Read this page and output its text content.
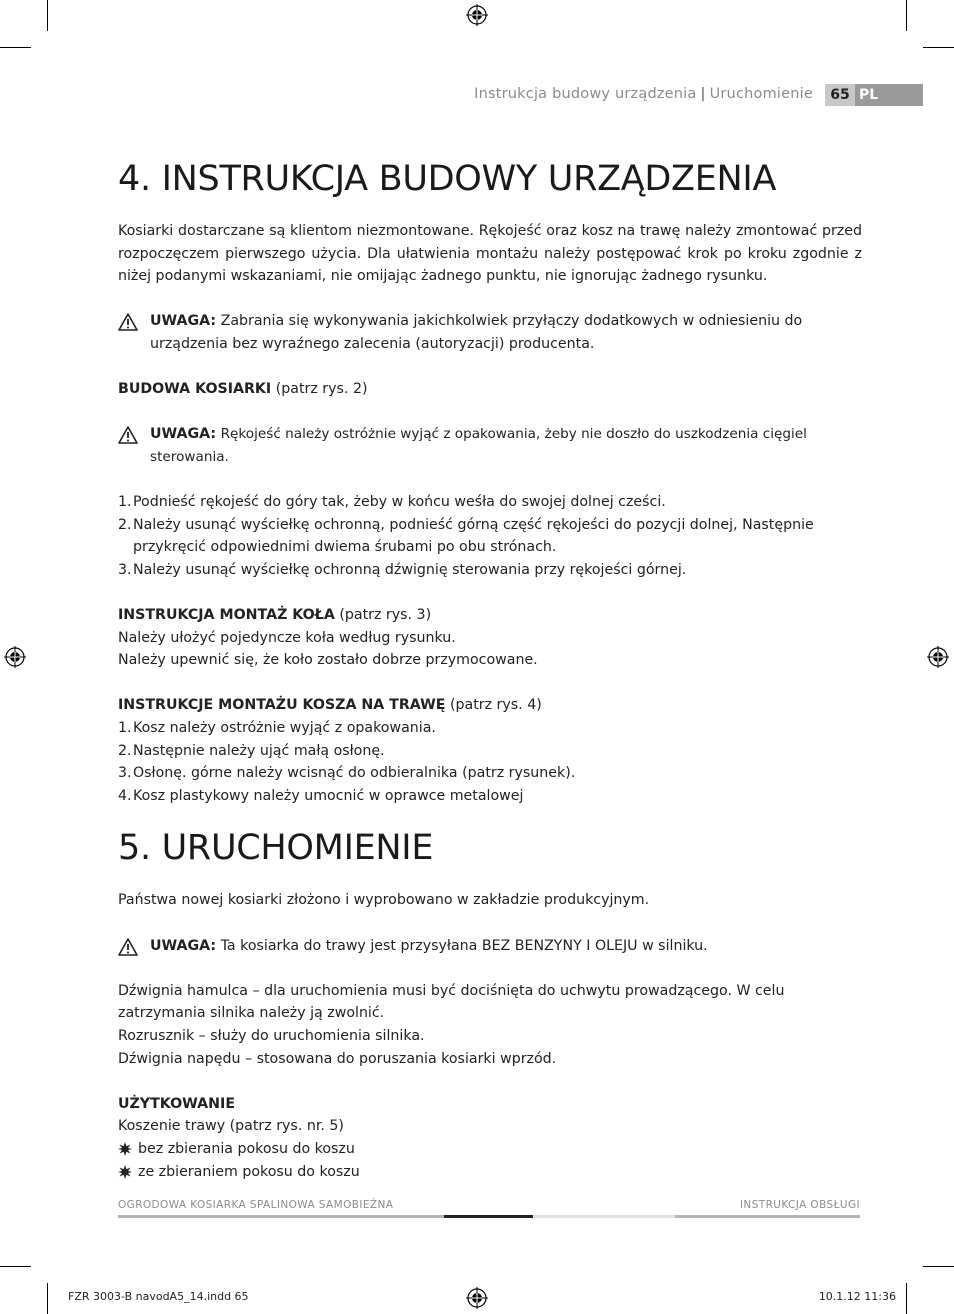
Instrukcja budowy urządzenia | Uruchomienie	65 PL
4. INSTRUKCJA BUDOWY URZĄDZENIA

Kosiarki dostarczane są klientom niezmontowane. Rękojeść oraz kosz na trawę należy zmontować przed rozpoczęczem pierwszego użycia. Dla ułatwienia montażu należy postępować krok po kroku zgodnie z niżej podanymi wskazaniami, nie omijając żadnego punktu, nie ignorując żadnego rysunku.

UWAGA: Zabrania się wykonywania jakichkolwiek przyłączy dodatkowych w odniesieniu do urządzenia bez wyraźnego zalecenia (autoryzacji) producenta.

BUDOWA KOSIARKI (patrz rys. 2)

UWAGA: Rękojeść należy ostróżnie wyjąć z opakowania, żeby nie doszło do uszkodzenia cięgiel sterowania.
1. Podnieść rękojeść do góry tak, żeby w końcu weśła do swojej dolnej cześci.
2. Należy usunąć wyściełkę ochronną, podnieść górną część rękojeści do pozycji dolnej, Następnie przykręcić odpowiednimi dwiema śrubami po obu strónach.
3. Należy usunąć wyściełkę ochronną dźwignię sterowania przy rękojeści górnej.

INSTRUKCJA MONTAŻ KOŁA (patrz rys. 3)

Należy ułożyć pojedyncze koła według rysunku.

Należy upewnić się, że koło zostało dobrze przymocowane.

INSTRUKCJE MONTAŻU KOSZA NA TRAWĘ (patrz rys. 4)

1. Kosz należy ostróżnie wyjąć z opakowania.
2. Następnie należy ująć małą osłonę.
3. Osłonę. górne należy wcisnąć do odbieralnika (patrz rysunek).
4. Kosz plastykowy należy umocnić w oprawce metalowej
5. URUCHOMIENIE

Państwa nowej kosiarki złożono i wyprobowano w zakładzie produkcyjnym.

UWAGA: Ta kosiarka do trawy jest przysyłana BEZ BENZYNY I OLEJU w silniku.

Dźwignia hamulca – dla uruchomienia musi być dociśnięta do uchwytu prowadzącego. W celu zatrzymania silnika należy ją zwolnić.

Rozrusznik – służy do uruchomienia silnika.

Dźwignia napędu – stosowana do poruszania kosiarki wprzód.

UŻYTKOWANIE

Koszenie trawy (patrz rys. nr. 5)

bez zbierania pokosu do koszu
ze zbieraniem pokosu do koszu
OGRODOWA KOSIARKA SPALINOWA SAMOBIEŻNA	INSTRUKCJA OBSŁUGI
FZR 3003-B navodA5_14.indd 65	10.1.12 11:36
